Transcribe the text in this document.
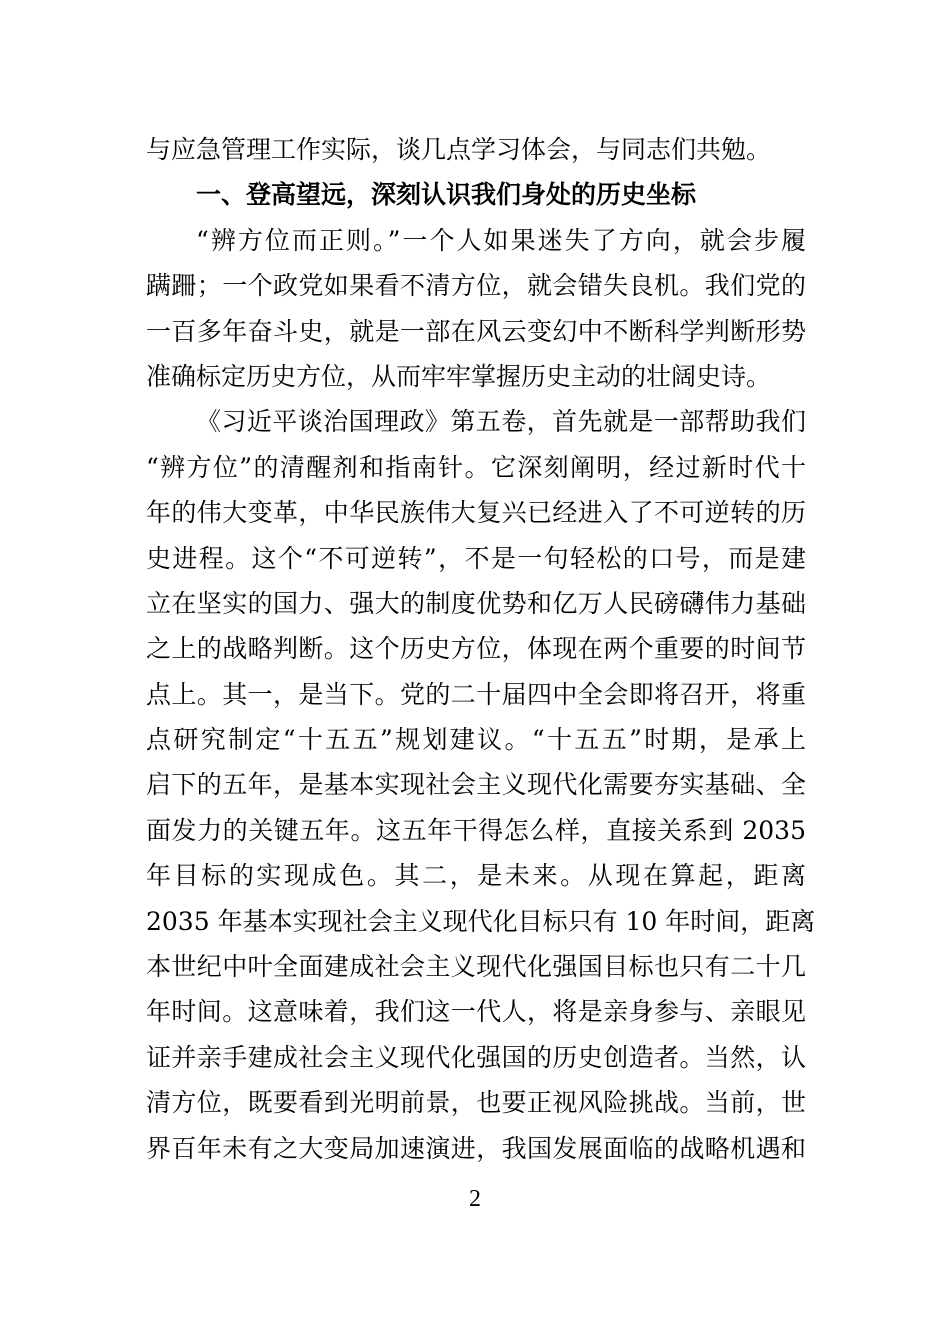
与应急管理工作实际，谈几点学习体会，与同志们共勉。
一、登高望远，深刻认识我们身处的历史坐标
“辨方位而正则。”一个人如果迷失了方向，就会步履
蹒跚；一个政党如果看不清方位，就会错失良机。我们党的
一百多年奋斗史，就是一部在风云变幻中不断科学判断形势
准确标定历史方位，从而牢牢掌握历史主动的壮阔史诗。
《习近平谈治国理政》第五卷，首先就是一部帮助我们
“辨方位”的清醒剂和指南针。它深刻阐明，经过新时代十
年的伟大变革，中华民族伟大复兴已经进入了不可逆转的历
史进程。这个“不可逆转”，不是一句轻松的口号，而是建
立在坚实的国力、强大的制度优势和亿万人民磅礴伟力基础
之上的战略判断。这个历史方位，体现在两个重要的时间节
点上。其一，是当下。党的二十届四中全会即将召开，将重
点研究制定“十五五”规划建议。“十五五”时期，是承上
启下的五年，是基本实现社会主义现代化需要夯实基础、全
面发力的关键五年。这五年干得怎么样，直接关系到 2035
年目标的实现成色。其二，是未来。从现在算起，距离
2035 年基本实现社会主义现代化目标只有 10 年时间，距离
本世纪中叶全面建成社会主义现代化强国目标也只有二十几
年时间。这意味着，我们这一代人，将是亲身参与、亲眼见
证并亲手建成社会主义现代化强国的历史创造者。当然，认
清方位，既要看到光明前景，也要正视风险挑战。当前，世
界百年未有之大变局加速演进，我国发展面临的战略机遇和
2
